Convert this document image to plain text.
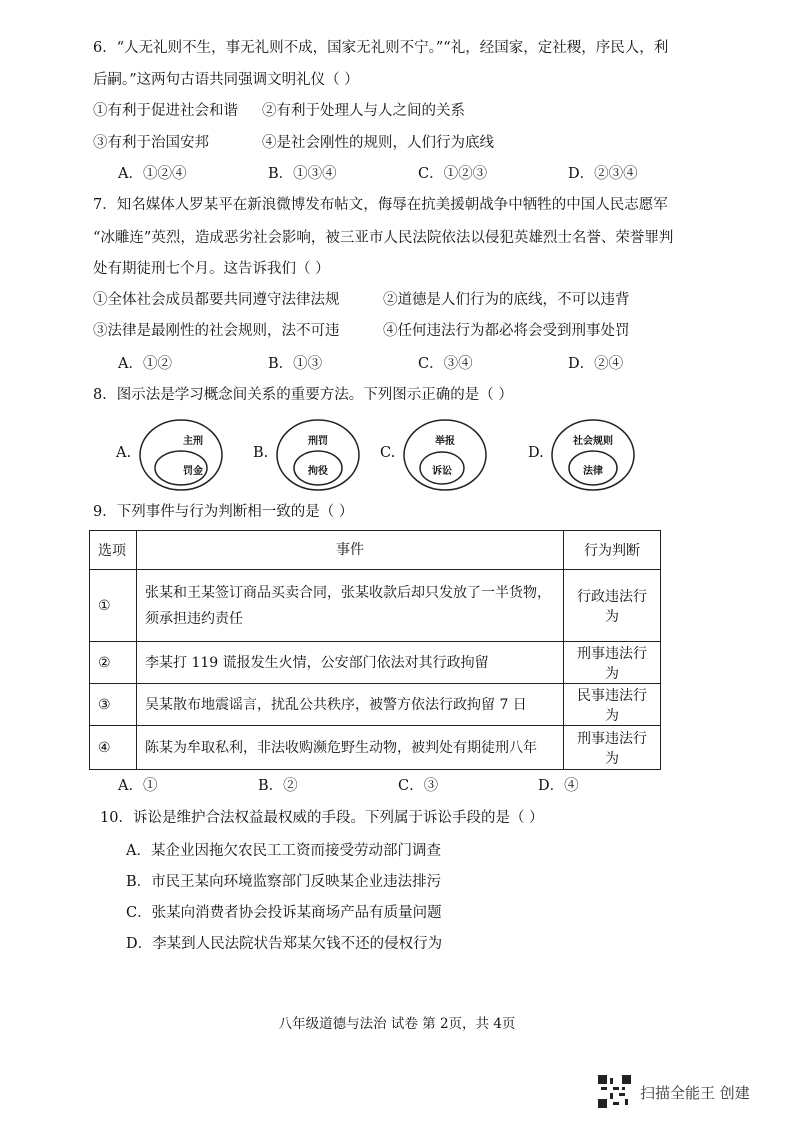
6．“人无礼则不生，事无礼则不成，国家无礼则不宁。”“礼，经国家，定社稷，序民人，利
后嗣。”这两句古语共同强调文明礼仪（ ）
①有利于促进社会和谐 ②有利于处理人与人之间的关系
③有利于治国安邦	④是社会刚性的规则，人们行为底线
A．①②④	B．①③④	C．①②③	D．②③④
7．知名媒体人罗某平在新浪微博发布帖文，侮辱在抗美援朝战争中牺牲的中国人民志愿军
“冰雕连”英烈，造成恶劣社会影响，被三亚市人民法院依法以侵犯英雄烈士名誉、荣誉罪判
处有期徒刑七个月。这告诉我们（ ）
①全体社会成员都要共同遵守法律法规	②道德是人们行为的底线，不可以违背
③法律是最刚性的社会规则，法不可违	④任何违法行为都必将会受到刑事处罚
A．①②	B．①③	C．③④	D．②④
8．图示法是学习概念间关系的重要方法。下列图示正确的是（ ）
A.
主刑
罚金
B.
刑罚
拘役
C.
举报
诉讼
D.
社会规则
法律
9．下列事件与行为判断相一致的是（ ）
选项	事件	行为判断
①	张某和王某签订商品买卖合同，张某收款后却只发放了一半货物，须承担违约责任	行政违法行为
②	李某打 119 谎报发生火情，公安部门依法对其行政拘留	刑事违法行为
③	吴某散布地震谣言，扰乱公共秩序，被警方依法行政拘留 7 日	民事违法行为
④	陈某为牟取私利，非法收购濒危野生动物，被判处有期徒刑八年	刑事违法行为
A．①	B．②	C．③	D．④
10．诉讼是维护合法权益最权威的手段。下列属于诉讼手段的是（ ）
A．某企业因拖欠农民工工资而接受劳动部门调查
B．市民王某向环境监察部门反映某企业违法排污
C．张某向消费者协会投诉某商场产品有质量问题
D．李某到人民法院状告郑某欠钱不还的侵权行为
八年级道德与法治 试卷 第 2页，共 4页
扫描全能王 创建
